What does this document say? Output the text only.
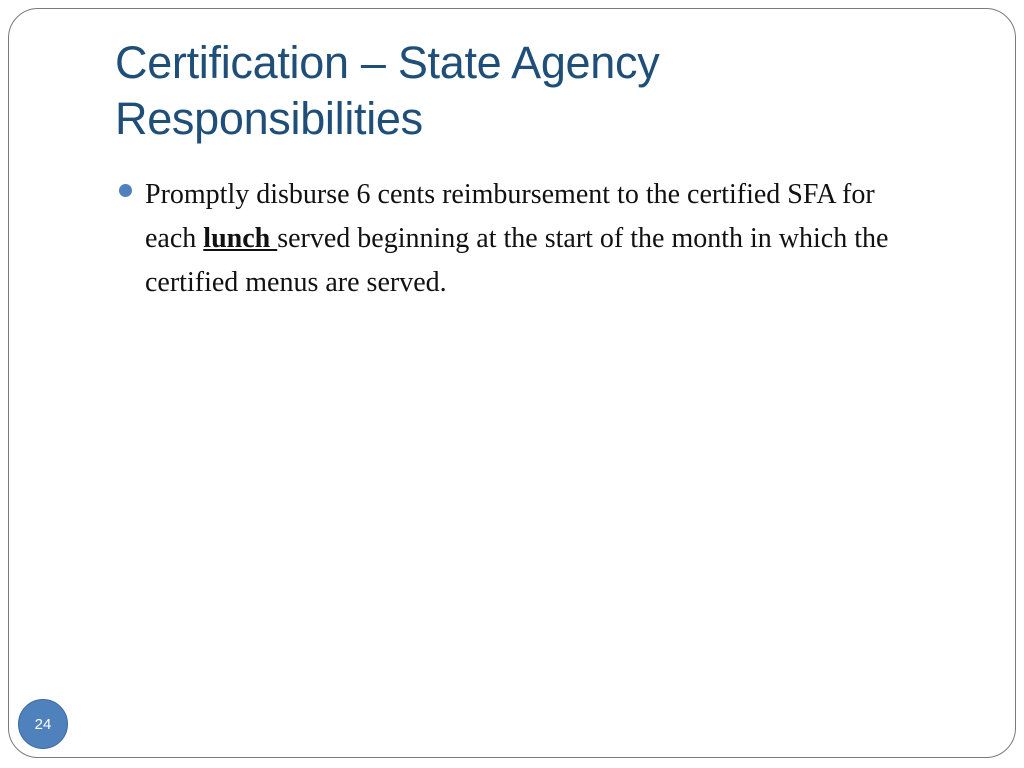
Certification – State Agency
Responsibilities
Promptly disburse 6 cents reimbursement to the certified SFA for each lunch served beginning at the start of the month in which the certified menus are served.
24
